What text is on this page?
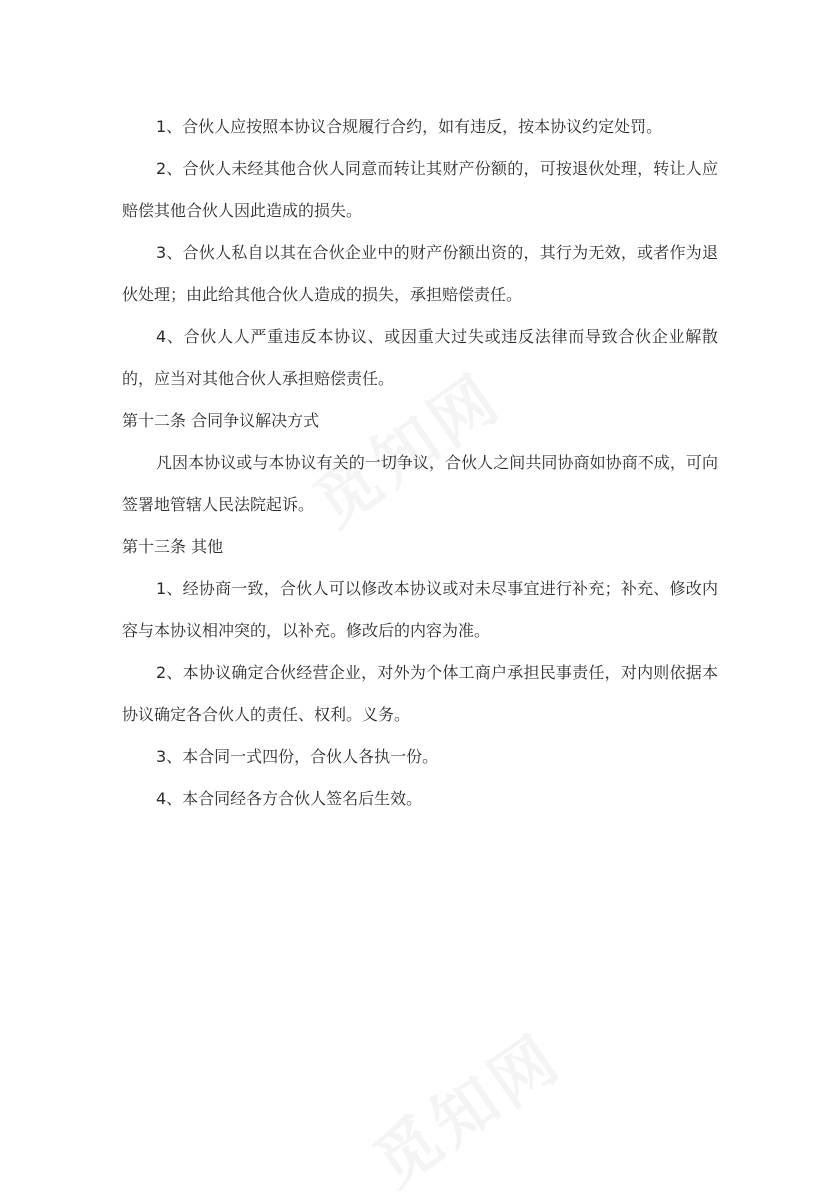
1、合伙人应按照本协议合规履行合约，如有违反，按本协议约定处罚。

2、合伙人未经其他合伙人同意而转让其财产份额的，可按退伙处理，转让人应赔偿其他合伙人因此造成的损失。

3、合伙人私自以其在合伙企业中的财产份额出资的，其行为无效，或者作为退伙处理；由此给其他合伙人造成的损失，承担赔偿责任。

4、合伙人人严重违反本协议、或因重大过失或违反法律而导致合伙企业解散的，应当对其他合伙人承担赔偿责任。

第十二条 合同争议解决方式

凡因本协议或与本协议有关的一切争议，合伙人之间共同协商如协商不成，可向签署地管辖人民法院起诉。

第十三条 其他

1、经协商一致，合伙人可以修改本协议或对未尽事宜进行补充；补充、修改内容与本协议相冲突的，以补充。修改后的内容为准。

2、本协议确定合伙经营企业，对外为个体工商户承担民事责任，对内则依据本协议确定各合伙人的责任、权利。义务。

3、本合同一式四份，合伙人各执一份。

4、本合同经各方合伙人签名后生效。
